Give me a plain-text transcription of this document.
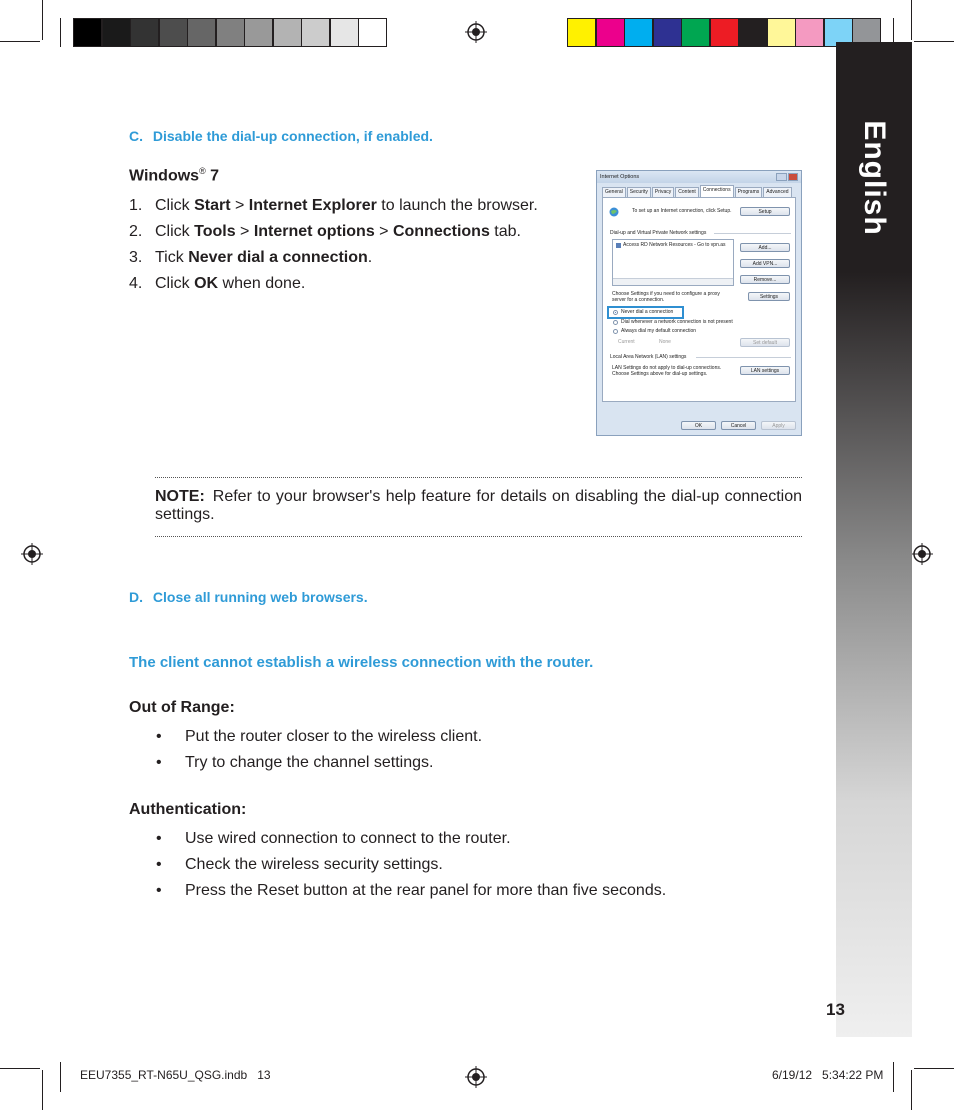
English
C. Disable the dial-up connection, if enabled.
Windows® 7
1. Click Start > Internet Explorer to launch the browser.
2. Click Tools > Internet options > Connections tab.
3. Tick Never dial a connection.
4. Click OK when done.
Internet Options
General	Security	Privacy	Content	Connections	Programs	Advanced
To set up an Internet connection, click Setup.	Setup
Dial-up and Virtual Private Network settings
Access RD Network Resources - Go to vpn.as	Add...
Add VPN...
Remove...
Choose Settings if you need to configure a proxy
server for a connection.	Settings
Never dial a connection
Dial whenever a network connection is not present
Always dial my default connection
Current	None	Set default
Local Area Network (LAN) settings
LAN Settings do not apply to dial-up connections.
Choose Settings above for dial-up settings.	LAN settings
OK	Cancel	Apply
NOTE: Refer to your browser's help feature for details on disabling the dial-up connection settings.
D. Close all running web browsers.
The client cannot establish a wireless connection with the router.
Out of Range:
• Put the router closer to the wireless client.
• Try to change the channel settings.
Authentication:
• Use wired connection to connect to the router.
• Check the wireless security settings.
• Press the Reset button at the rear panel for more than five seconds.
13
EEU7355_RT-N65U_QSG.indb   13	6/19/12   5:34:22 PM
